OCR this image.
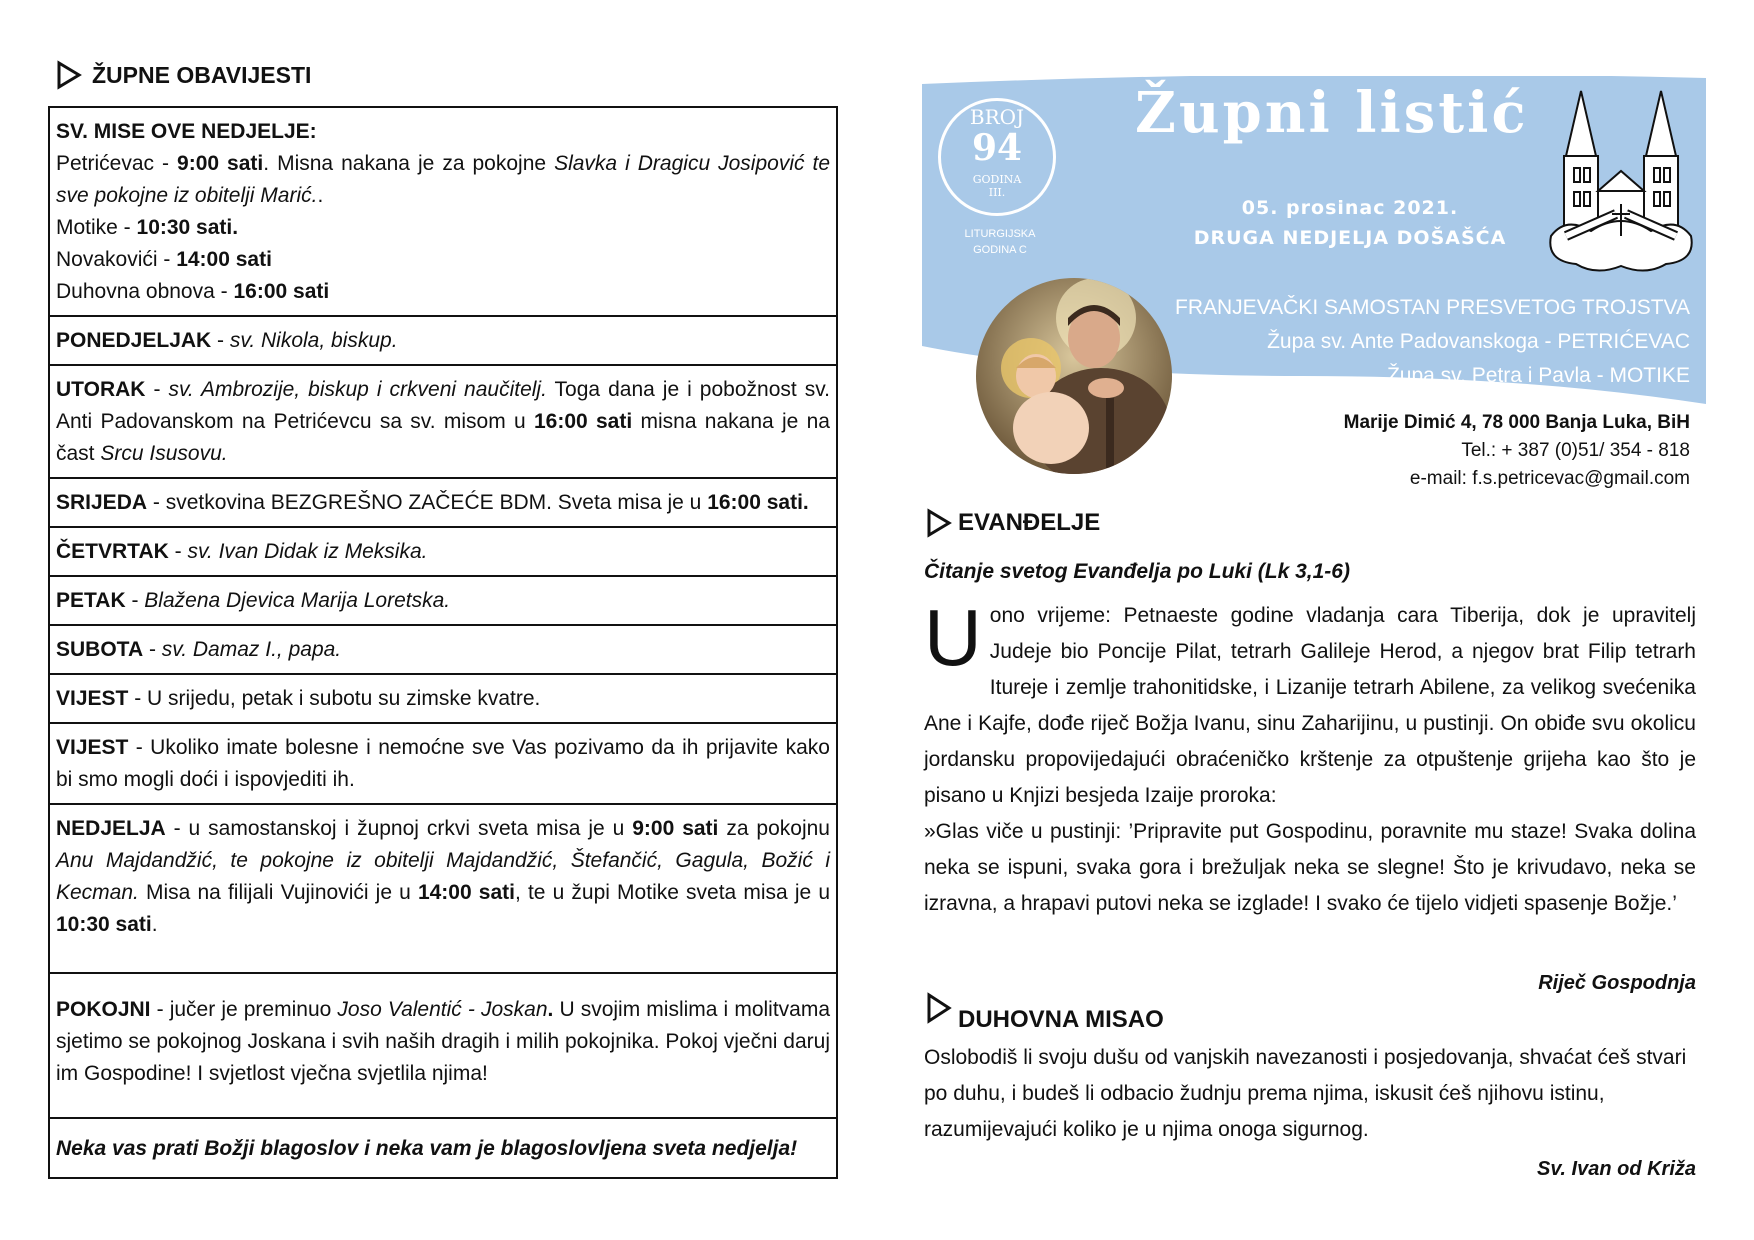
ŽUPNE OBAVIJESTI

SV. MISE OVE NEDJELJE:

Petrićevac - 9:00 sati. Misna nakana je za pokojne Slavka i Dragicu Josipović te sve pokojne iz obitelji Marić..

Motike - 10:30 sati.

Novakovići - 14:00 sati

Duhovna obnova - 16:00 sati

PONEDJELJAK - sv. Nikola, biskup.
UTORAK - sv. Ambrozije, biskup i crkveni naučitelj. Toga dana je i pobožnost sv. Anti Padovanskom na Petrićevcu sa sv. misom u 16:00 sati misna nakana je na čast Srcu Isusovu.
SRIJEDA - svetkovina BEZGREŠNO ZAČEĆE BDM. Sveta misa je u 16:00 sati.
ČETVRTAK - sv. Ivan Didak iz Meksika.
PETAK - Blažena Djevica Marija Loretska.
SUBOTA - sv. Damaz I., papa.
VIJEST - U srijedu, petak i subotu su zimske kvatre.
VIJEST - Ukoliko imate bolesne i nemoćne sve Vas pozivamo da ih prijavite kako bi smo mogli doći i ispovjediti ih.
NEDJELJA - u samostanskoj i župnoj crkvi sveta misa je u 9:00 sati za pokojnu Anu Majdandžić, te pokojne iz obitelji Majdandžić, Štefančić, Gagula, Božić i Kecman. Misa na filijali Vujinovići je u 14:00 sati, te u župi Motike sveta misa je u 10:30 sati.
POKOJNI - jučer je preminuo Joso Valentić - Joskan. U svojim mislima i molitvama sjetimo se pokojnog Joskana i svih naših dragih i milih pokojnika. Pokoj vječni daruj im Gospodine! I svjetlost vječna svjetlila njima!
Neka vas prati Božji blagoslov i neka vam je blagoslovljena sveta nedjelja!
Župni listić
BROJ
94
GODINA
III.
LITURGIJSKA
GODINA C
05. prosinac 2021.
DRUGA NEDJELJA DOŠAŠĆA
FRANJEVAČKI SAMOSTAN PRESVETOG TROJSTVA
Župa sv. Ante Padovanskoga - PETRIĆEVAC
Župa sv. Petra i Pavla - MOTIKE
Marije Dimić 4, 78 000 Banja Luka, BiH
Tel.: + 387 (0)51/ 354 - 818
e-mail: f.s.petricevac@gmail.com
EVANĐELJE
Čitanje svetog Evanđelja po Luki (Lk 3,1-6)

U ono vrijeme: Petnaeste godine vladanja cara Tiberija, dok je upravitelj Judeje bio Poncije Pilat, tetrarh Galileje Herod, a njegov brat Filip tetrarh Itureje i zemlje trahonitidske, i Lizanije tetrarh Abilene, za velikog svećenika Ane i Kajfe, dođe riječ Božja Ivanu, sinu Zaharijinu, u pustinji. On obiđe svu okolicu jordansku propovijedajući obraćeničko krštenje za otpuštenje grijeha kao što je pisano u Knjizi besjeda Izaije proroka:

»Glas viče u pustinji: ’Pripravite put Gospodinu, poravnite mu staze! Svaka dolina neka se ispuni, svaka gora i brežuljak neka se slegne! Što je krivudavo, neka se izravna, a hrapavi putovi neka se izglade! I svako će tijelo vidjeti spasenje Božje.’

Riječ Gospodnja
DUHOVNA MISAO
Oslobodiš li svoju dušu od vanjskih navezanosti i posjedovanja, shvaćat ćeš stvari po duhu, i budeš li odbacio žudnju prema njima, iskusit ćeš njihovu istinu, razumijevajući koliko je u njima onoga sigurnog.
Sv. Ivan od Križa
